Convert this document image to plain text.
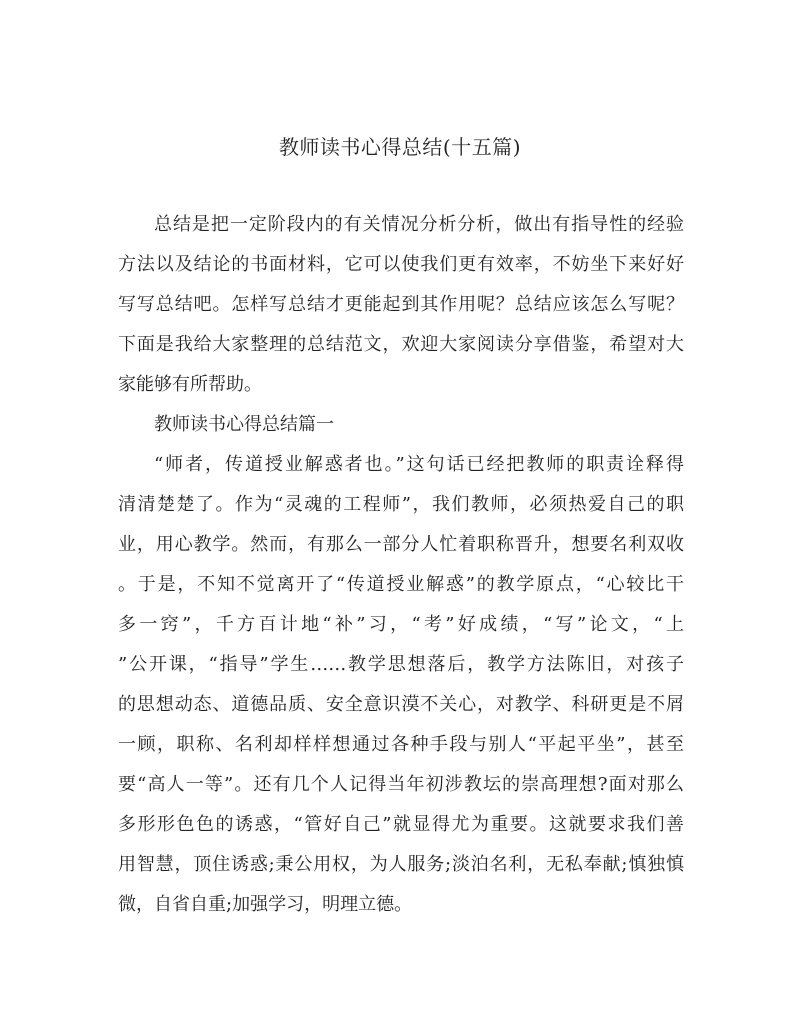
教师读书心得总结(十五篇)
总结是把一定阶段内的有关情况分析分析，做出有指导性的经验
方法以及结论的书面材料，它可以使我们更有效率，不妨坐下来好好
写写总结吧。怎样写总结才更能起到其作用呢？总结应该怎么写呢？
下面是我给大家整理的总结范文，欢迎大家阅读分享借鉴，希望对大
家能够有所帮助。
教师读书心得总结篇一
“师者，传道授业解惑者也。”这句话已经把教师的职责诠释得
清清楚楚了。作为“灵魂的工程师”，我们教师，必须热爱自己的职
业，用心教学。然而，有那么一部分人忙着职称晋升，想要名利双收
。于是，不知不觉离开了“传道授业解惑”的教学原点，“心较比干
多一窍”，千方百计地“补”习，“考”好成绩，“写”论文，“上
”公开课，“指导”学生……教学思想落后，教学方法陈旧，对孩子
的思想动态、道德品质、安全意识漠不关心，对教学、科研更是不屑
一顾，职称、名利却样样想通过各种手段与别人“平起平坐”，甚至
要“高人一等”。还有几个人记得当年初涉教坛的崇高理想?面对那么
多形形色色的诱惑，“管好自己”就显得尤为重要。这就要求我们善
用智慧，顶住诱惑;秉公用权，为人服务;淡泊名利，无私奉献;慎独慎
微，自省自重;加强学习，明理立德。
